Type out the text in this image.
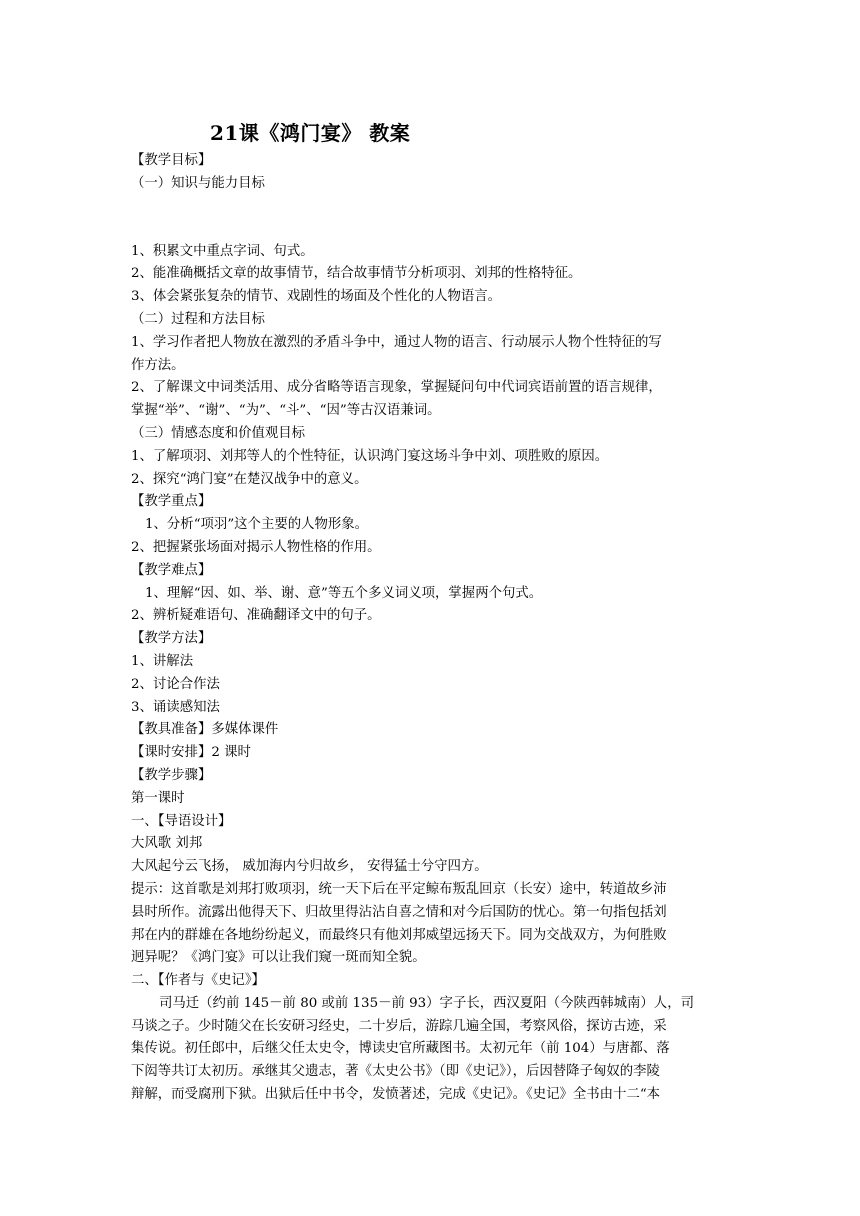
21课《鸿门宴》 教案
【教学目标】
（一）知识与能力目标
1、积累文中重点字词、句式。
2、能准确概括文章的故事情节，结合故事情节分析项羽、刘邦的性格特征。
3、体会紧张复杂的情节、戏剧性的场面及个性化的人物语言。
（二）过程和方法目标
1、学习作者把人物放在激烈的矛盾斗争中，通过人物的语言、行动展示人物个性特征的写
作方法。
2、了解课文中词类活用、成分省略等语言现象，掌握疑问句中代词宾语前置的语言规律，
掌握“举”、“谢”、“为”、“斗”、“因”等古汉语兼词。
（三）情感态度和价值观目标
1、了解项羽、刘邦等人的个性特征，认识鸿门宴这场斗争中刘、项胜败的原因。
2、探究“鸿门宴”在楚汉战争中的意义。
【教学重点】
1、分析“项羽”这个主要的人物形象。
2、把握紧张场面对揭示人物性格的作用。
【教学难点】
1、理解“因、如、举、谢、意”等五个多义词义项，掌握两个句式。
2、辨析疑难语句、准确翻译文中的句子。
【教学方法】
1、讲解法
2、讨论合作法
3、诵读感知法
【教具准备】多媒体课件
【课时安排】2 课时
【教学步骤】
第一课时
一、【导语设计】
大风歌 刘邦
大风起兮云飞扬， 威加海内兮归故乡， 安得猛士兮守四方。
提示：这首歌是刘邦打败项羽，统一天下后在平定鲸布叛乱回京（长安）途中，转道故乡沛
县时所作。流露出他得天下、归故里得沾沾自喜之情和对今后国防的忧心。第一句指包括刘
邦在内的群雄在各地纷纷起义，而最终只有他刘邦威望远扬天下。同为交战双方，为何胜败
迥异呢？《鸿门宴》可以让我们窥一斑而知全貌。
二、【作者与《史记》】
司马迁（约前 145－前 80 或前 135－前 93）字子长，西汉夏阳（今陕西韩城南）人，司
马谈之子。少时随父在长安研习经史，二十岁后，游踪几遍全国，考察风俗，探访古迹，采
集传说。初任郎中，后继父任太史令，博读史官所藏图书。太初元年（前 104）与唐都、落
下闳等共订太初历。承继其父遗志，著《太史公书》（即《史记》），后因替降子匈奴的李陵
辩解，而受腐刑下狱。出狱后任中书令，发愤著述，完成《史记》。《史记》全书由十二“本
